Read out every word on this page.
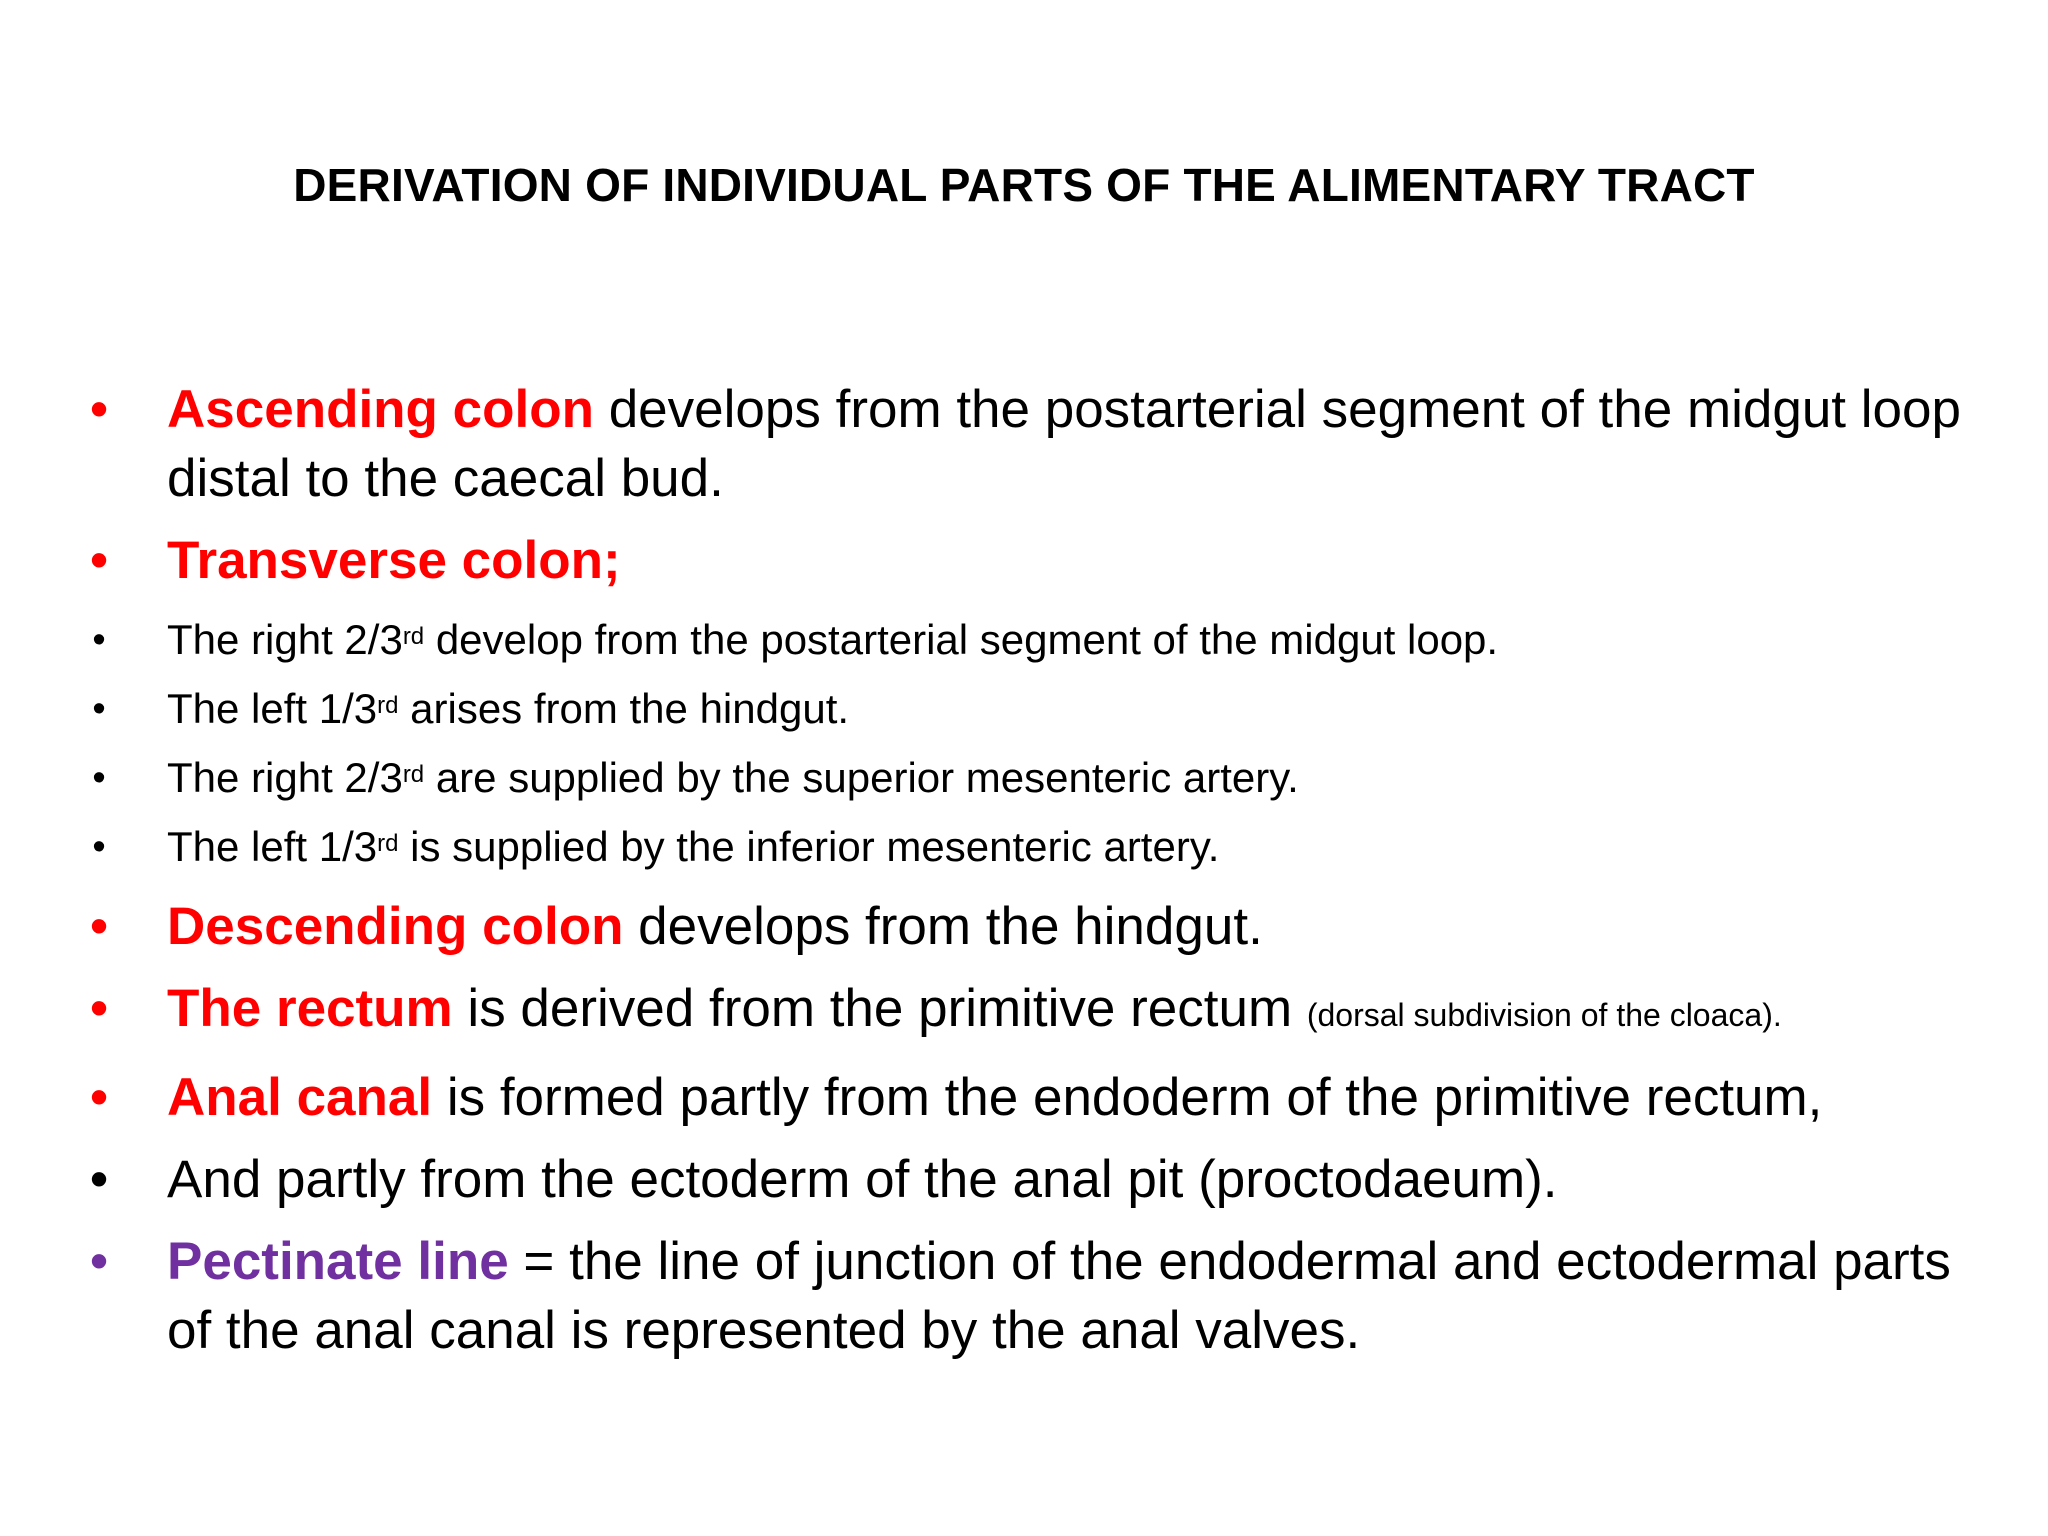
DERIVATION OF INDIVIDUAL PARTS OF THE ALIMENTARY TRACT
• Ascending colon develops from the postarterial segment of the midgut loop distal to the caecal bud.
• Transverse colon;
• The right 2/3rd develop from the postarterial segment of the midgut loop.
• The left 1/3rd arises from the hindgut.
• The right 2/3rd are supplied by the superior mesenteric artery.
• The left 1/3rd is supplied by the inferior mesenteric artery.
• Descending colon develops from the hindgut.
• The rectum is derived from the primitive rectum (dorsal subdivision of the cloaca).
• Anal canal is formed partly from the endoderm of the primitive rectum,
• And partly from the ectoderm of the anal pit (proctodaeum).
• Pectinate line = the line of junction of the endodermal and ectodermal parts of the anal canal is represented by the anal valves.
